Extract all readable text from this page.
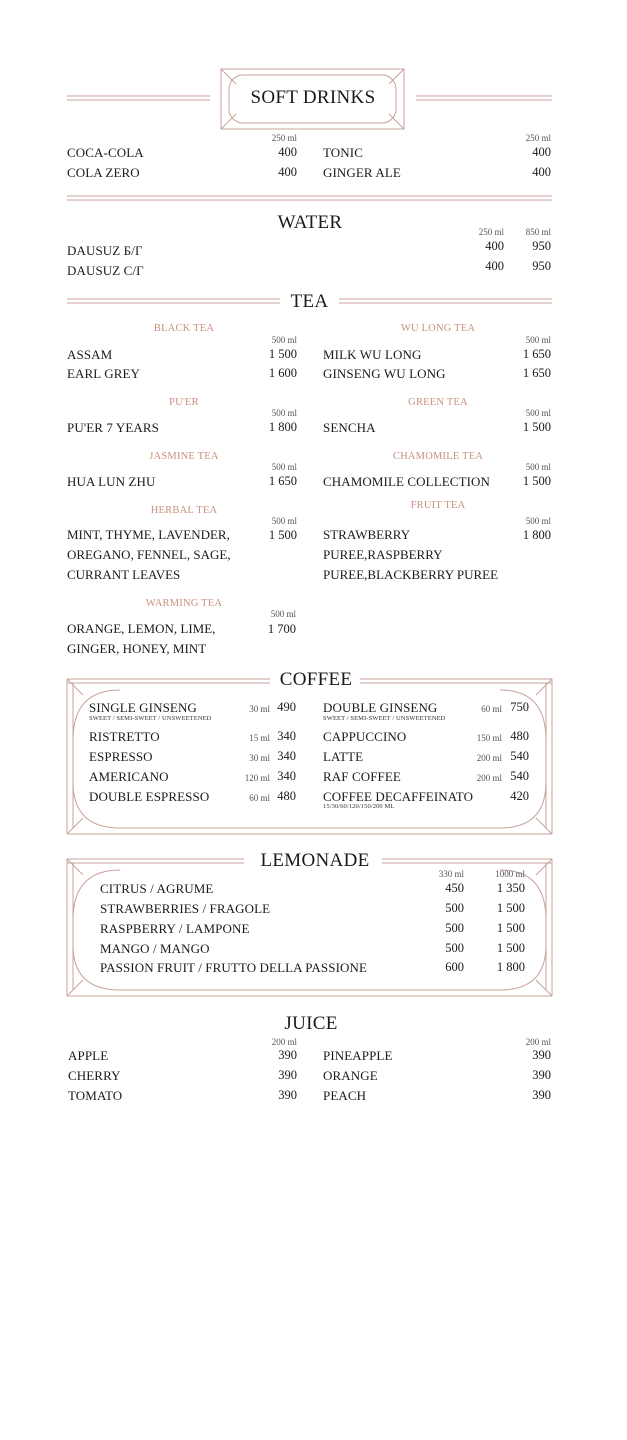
SOFT DRINKS
250 ml	250 ml
COCA-COLA	400
COLA ZERO	400
TONIC	400
GINGER ALE	400
WATER	250 ml	850 ml
DAUSUZ Б/Г	400	950
DAUSUZ С/Г	400	950
TEA
BLACK TEA
500 ml
ASSAM	1 500
EARL GREY	1 600
WU LONG TEA
500 ml
MILK WU LONG	1 650
GINSENG WU LONG	1 650
PU'ER
500 ml
PU'ER 7 YEARS	1 800
GREEN TEA
500 ml
SENCHA	1 500
JASMINE TEA
500 ml
HUA LUN ZHU	1 650
CHAMOMILE TEA
500 ml
CHAMOMILE COLLECTION	1 500
HERBAL TEA
500 ml
MINT, THYME, LAVENDER,
OREGANO, FENNEL, SAGE,
CURRANT LEAVES
1 500
FRUIT TEA
500 ml
STRAWBERRY
PUREE,RASPBERRY
PUREE,BLACKBERRY PUREE
1 800
WARMING TEA
500 ml
ORANGE, LEMON, LIME,
GINGER, HONEY, MINT
1 700
COFFEE
SINGLE GINSENG
SWEET / SEMI-SWEET / UNSWEETENED
30 ml 490
RISTRETTO	15 ml 340
ESPRESSO	30 ml 340
AMERICANO	120 ml 340
DOUBLE ESPRESSO	60 ml 480
DOUBLE GINSENG
SWEET / SEMI-SWEET / UNSWEETENED
60 ml 750
CAPPUCCINO	150 ml 480
LATTE	200 ml 540
RAF COFFEE	200 ml 540
COFFEE DECAFFEINATO
15/30/60/120/150/200 ML
420
LEMONADE
330 ml	1000 ml
CITRUS / AGRUME	450	1 350
STRAWBERRIES / FRAGOLE	500	1 500
RASPBERRY / LAMPONE	500	1 500
MANGO / MANGO	500	1 500
PASSION FRUIT / FRUTTO DELLA PASSIONE	600	1 800
JUICE
200 ml	200 ml
APPLE	390
CHERRY	390
TOMATO	390
PINEAPPLE	390
ORANGE	390
PEACH	390
